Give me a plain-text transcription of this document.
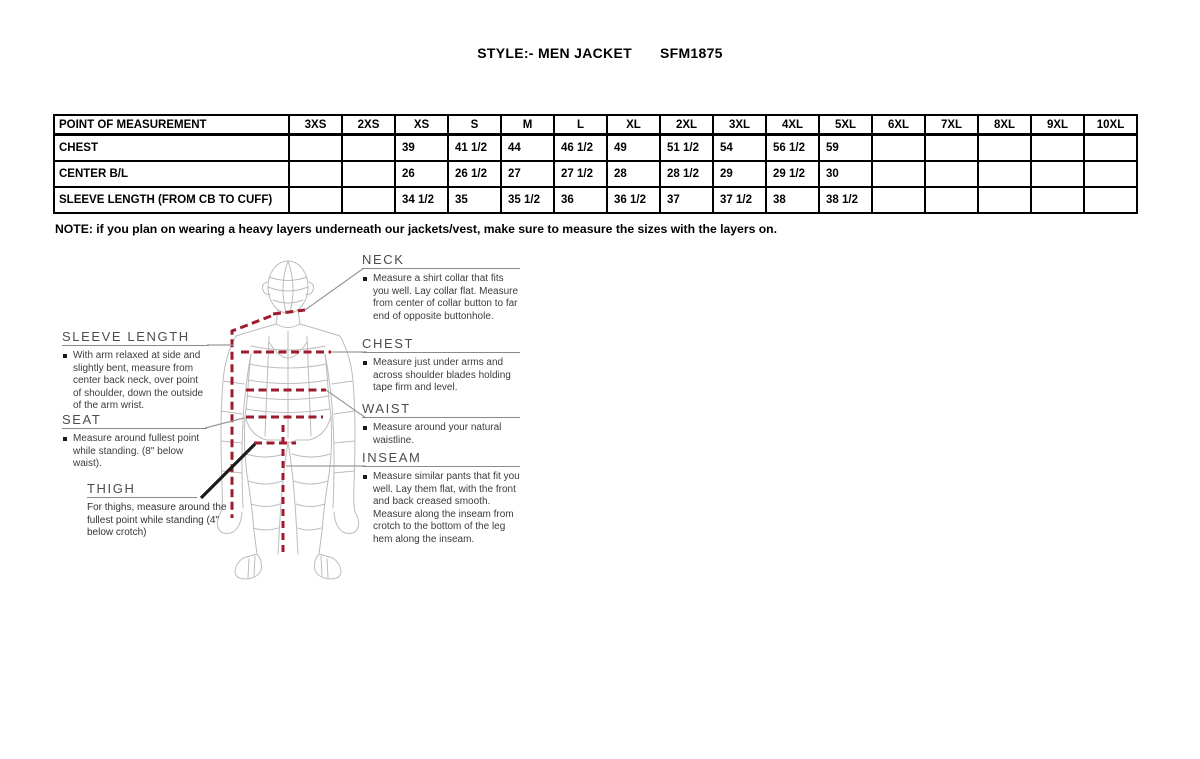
STYLE:- MEN JACKET SFM1875
POINT OF MEASUREMENT	3XS	2XS	XS	S	M	L	XL	2XL	3XL	4XL	5XL	6XL	7XL	8XL	9XL	10XL
CHEST			39	41 1/2	44	46 1/2	49	51 1/2	54	56 1/2	59					
CENTER B/L			26	26 1/2	27	27 1/2	28	28 1/2	29	29 1/2	30					
SLEEVE LENGTH (FROM CB TO CUFF)			34 1/2	35	35 1/2	36	36 1/2	37	37 1/2	38	38 1/2					
NOTE: if you plan on wearing a heavy layers underneath our jackets/vest, make sure to measure the sizes with the layers on.
SLEEVE LENGTH
With arm relaxed at side and slightly bent, measure from center back neck, over point of shoulder, down the outside of the arm wrist.
SEAT
Measure around fullest point while standing. (8" below waist).
THIGH
For thighs, measure around the fullest point while standing (4" below crotch)
NECK
Measure a shirt collar that fits you well. Lay collar flat. Measure from center of collar button to far end of opposite buttonhole.
CHEST
Measure just under arms and across shoulder blades holding tape firm and level.
WAIST
Measure around your natural waistline.
INSEAM
Measure similar pants that fit you well. Lay them flat, with the front and back creased smooth. Measure along the inseam from crotch to the bottom of the leg hem along the inseam.
